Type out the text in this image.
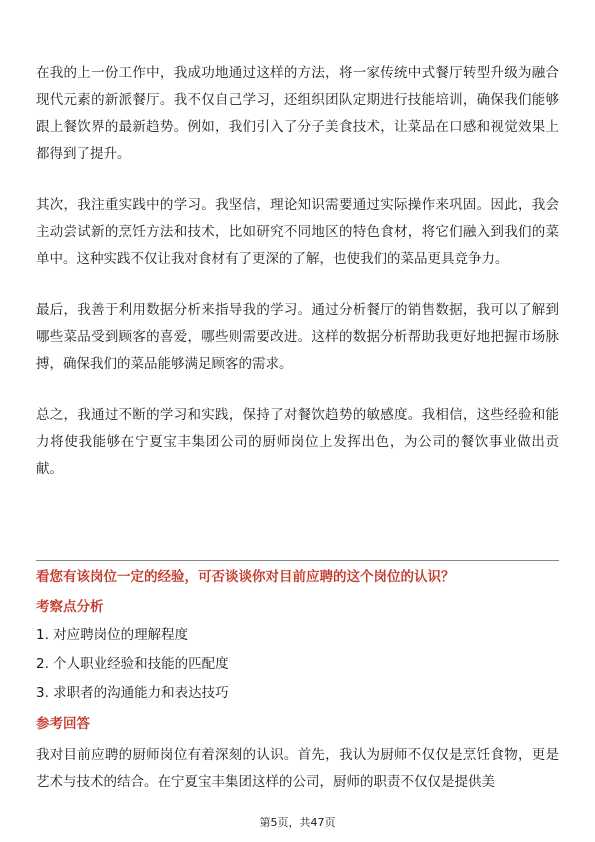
在我的上一份工作中，我成功地通过这样的方法，将一家传统中式餐厅转型升级为融合现代元素的新派餐厅。我不仅自己学习，还组织团队定期进行技能培训，确保我们能够跟上餐饮界的最新趋势。例如，我们引入了分子美食技术，让菜品在口感和视觉效果上都得到了提升。

其次，我注重实践中的学习。我坚信，理论知识需要通过实际操作来巩固。因此，我会主动尝试新的烹饪方法和技术，比如研究不同地区的特色食材，将它们融入到我们的菜单中。这种实践不仅让我对食材有了更深的了解，也使我们的菜品更具竞争力。

最后，我善于利用数据分析来指导我的学习。通过分析餐厅的销售数据，我可以了解到哪些菜品受到顾客的喜爱，哪些则需要改进。这样的数据分析帮助我更好地把握市场脉搏，确保我们的菜品能够满足顾客的需求。

总之，我通过不断的学习和实践，保持了对餐饮趋势的敏感度。我相信，这些经验和能力将使我能够在宁夏宝丰集团公司的厨师岗位上发挥出色，为公司的餐饮事业做出贡献。

看您有该岗位一定的经验，可否谈谈你对目前应聘的这个岗位的认识？

考察点分析

1. 对应聘岗位的理解程度

2. 个人职业经验和技能的匹配度

3. 求职者的沟通能力和表达技巧

参考回答

我对目前应聘的厨师岗位有着深刻的认识。首先，我认为厨师不仅仅是烹饪食物，更是艺术与技术的结合。在宁夏宝丰集团这样的公司，厨师的职责不仅仅是提供美

第5页，共47页
